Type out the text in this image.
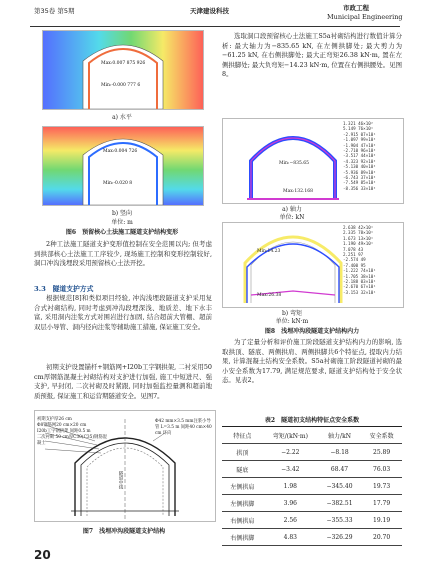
第35卷 第5期	天津建设科技	市政工程
Municipal Engineering
Max:0.007 875 926
Min:-0.000 777 6
a) 水平
Max:0.004 726
Min:-0.020 8
b) 竖向
单位: m
图6　预留核心土法施工隧道支护结构变形
2种工法施工隧道支护变形值控制在安全范围以内; 但考虑到拱部核心土法施工工序较少, 现场施工控制和变形控制较好, 洞口冲沟浅埋段采用预留核心土法开挖。
3.3　隧道支护方式
根据规范[8]和类似项目经验, 冲沟浅埋段隧道支护采用复合式衬砌结构, 同时考虑到冲沟段埋深浅、地质差、地下水丰富, 采用洞内注浆方式对围岩进行加固, 结合超前大管棚、超前双层小导管、洞内径向注浆等辅助施工措施, 保证施工安全。
初期支护设置锚杆+钢筋网+I20b工字钢拱架, 二衬采用50 cm厚钢筋混凝土衬砌结构对支护进行加强, 施工中短进尺、强支护, 早封闭, 二次衬砌及时紧跟, 同时加强监控量测和超前地质预报, 保证施工和运营期隧道安全。见图7。
初期支护厚26 cm
Φ8钢筋网20 cm×20 cm
I20b工字钢拱架 间距0.5 m
二次衬砌 50 cm厚C30(C35)钢筋混凝土
Φ42 mm×3.5 mm注浆小导管 L=3.5 m 间距40 cm×40 cm 环向
隧道中线
图7　浅埋冲沟段隧道支护结构
20
选取洞口段预留核心土法施工S5a衬砌结构进行数值计算分析: 最大轴力为−835.65 kN, 在左侧拱脚处; 最大剪力为−61.25 kN, 在右侧拱脚处; 最大正弯矩26.38 kN·m, 置在左侧拱脚处; 最大负弯矩−14.23 kN·m, 位置在右侧拱腰处。见图8。
Min:−835.65
Max:132.168
1.321 46×10²
5.149 76×10¹
-2.915 07×10¹
-1.097 99×10²
-1.904 47×10²
-2.710 96×10²
-3.517 44×10²
-4.323 92×10²
-5.130 40×10²
-5.936 89×10²
-6.743 37×10²
-7.549 85×10²
-8.356 33×10²
a) 轴力
单位: kN
Min:14.23
Max:26.38
2.638 42×10¹
2.335 78×10¹
1.673 13×10¹
1.190 49×10¹
7.078 43
2.251 97
-2.574 49
-7.400 95
-1.222 74×10¹
-1.705 38×10¹
-2.188 03×10¹
-2.670 67×10¹
-3.153 32×10¹
b) 弯矩
单位: kN·m
图8　浅埋冲沟段隧道支护结构内力
为了定量分析和评价施工阶段隧道支护结构内力的影响, 选取拱顶、隧底、两侧拱肩、两侧拱脚共6个特征点, 提取内力结果, 计算混凝土结构安全系数。S5a衬砌施工阶段隧道衬砌的最小安全系数为17.79, 满足规范要求, 隧道支护结构处于安全状态。见表2。
表2　隧道初支结构特征点安全系数
特征点	弯矩/(kN·m)	轴力/kN	安全系数
拱顶	−2.22	−8.18	25.89
隧底	−3.42	68.47	76.03
左侧拱肩	1.98	−345.40	19.73
左侧拱脚	3.96	−382.51	17.79
右侧拱肩	2.56	−355.33	19.19
右侧拱脚	4.83	−326.29	20.70
